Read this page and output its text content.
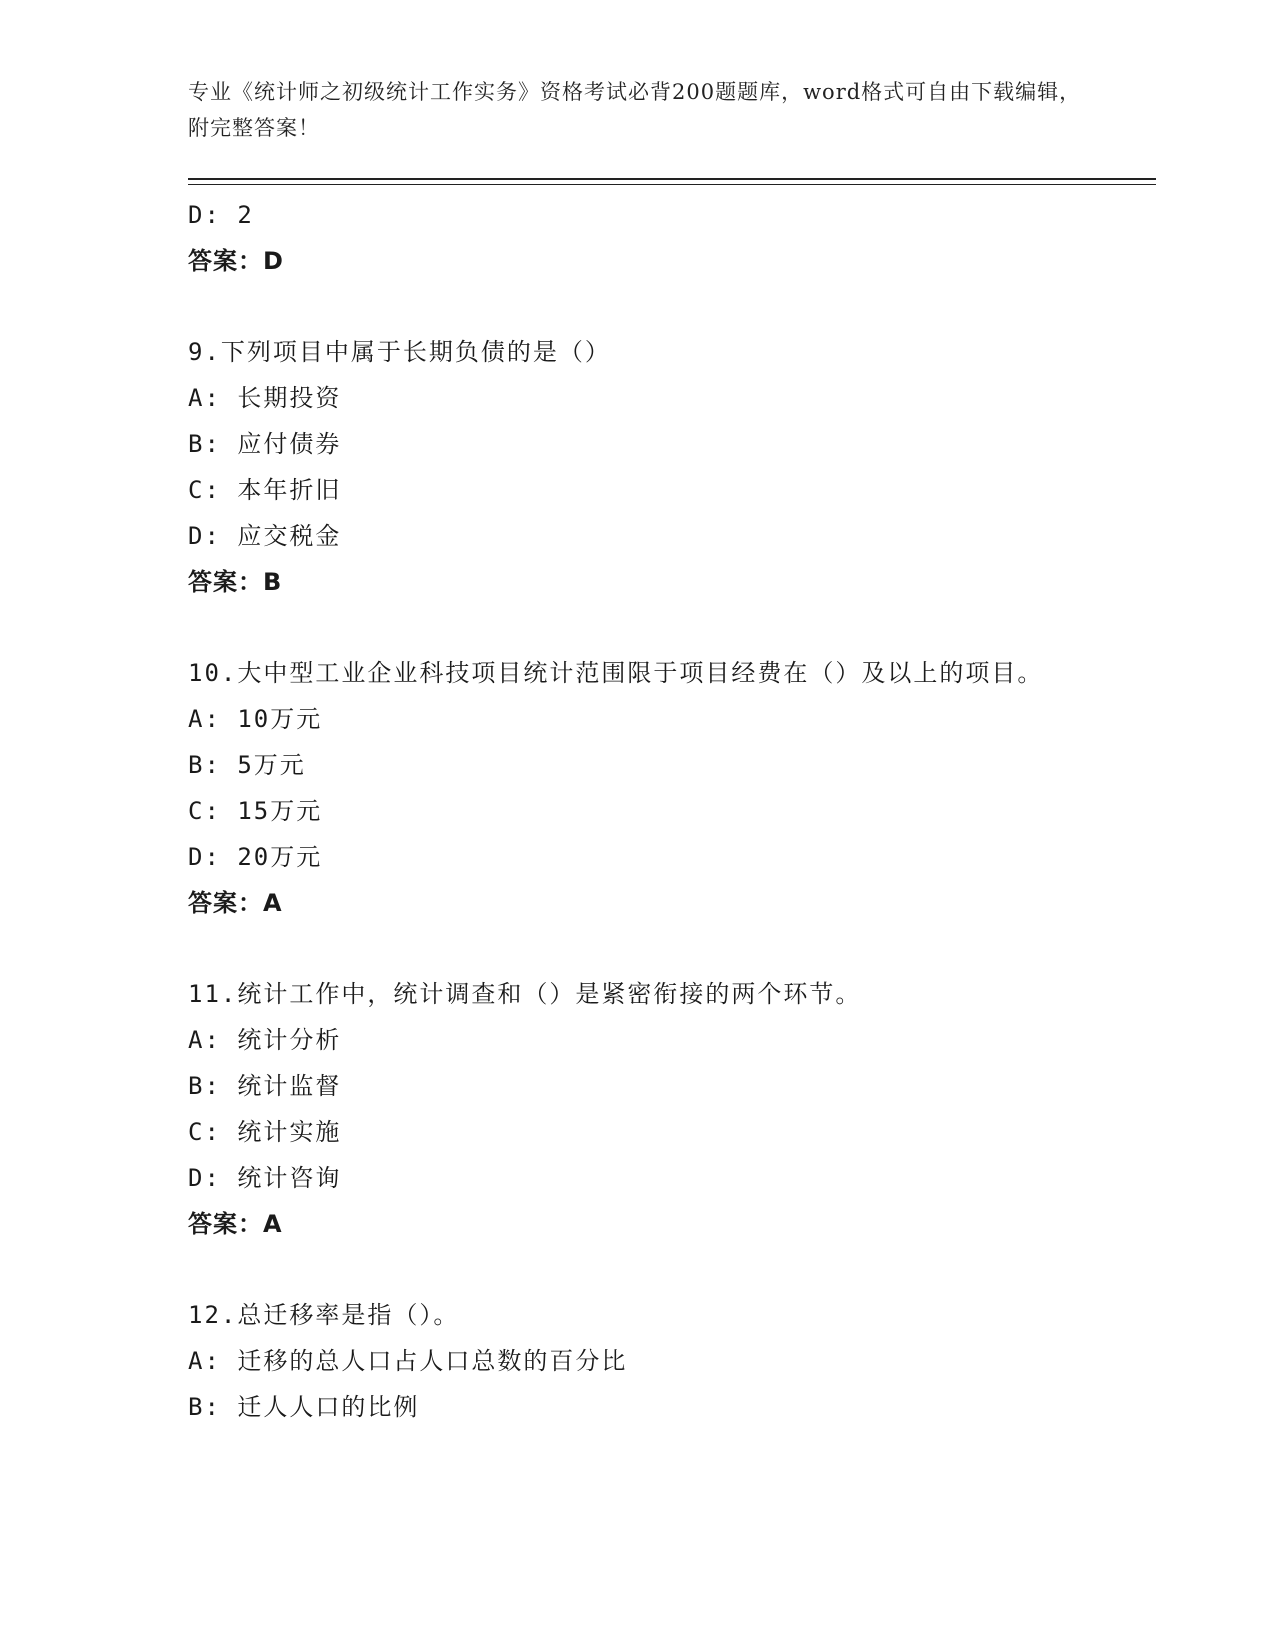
专业《统计师之初级统计工作实务》资格考试必背200题题库，word格式可自由下载编辑，附完整答案！
D: 2
答案：D
9.下列项目中属于长期负债的是（）
A: 长期投资
B: 应付债券
C: 本年折旧
D: 应交税金
答案：B
10.大中型工业企业科技项目统计范围限于项目经费在（）及以上的项目。
A: 10万元
B: 5万元
C: 15万元
D: 20万元
答案：A
11.统计工作中，统计调查和（）是紧密衔接的两个环节。
A: 统计分析
B: 统计监督
C: 统计实施
D: 统计咨询
答案：A
12.总迁移率是指（）。
A: 迁移的总人口占人口总数的百分比
B: 迁人人口的比例
